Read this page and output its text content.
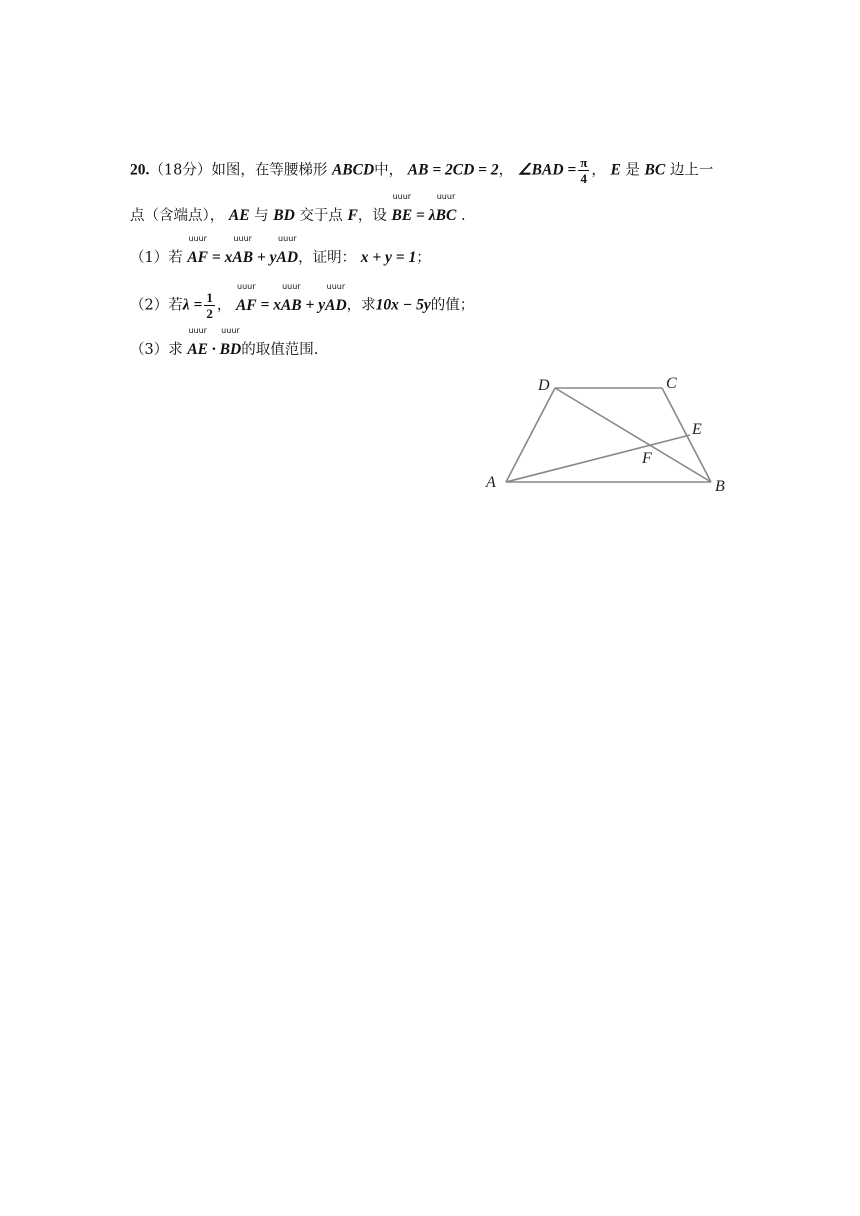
20.（18分）如图，在等腰梯形 ABCD中， AB = 2CD = 2， ∠BAD = $\frac{\pi}{4}$ ， E 是 BC 边上一
点（含端点）， AE 与 BD 交于点 F，设
uuur
BE = λ
uuur
BC .
（1）若
uuur
AF = x
uuur
AB + y
uuur
AD，证明： x + y = 1；
（2）若$\lambda = \frac{1}{2}$ ，
uuur
AF = x
uuur
AB + y
uuur
AD，求10x − 5y的值；
（3）求
uuur
AE ·
uuur
BD的取值范围.
A	B
C
D
E
F
